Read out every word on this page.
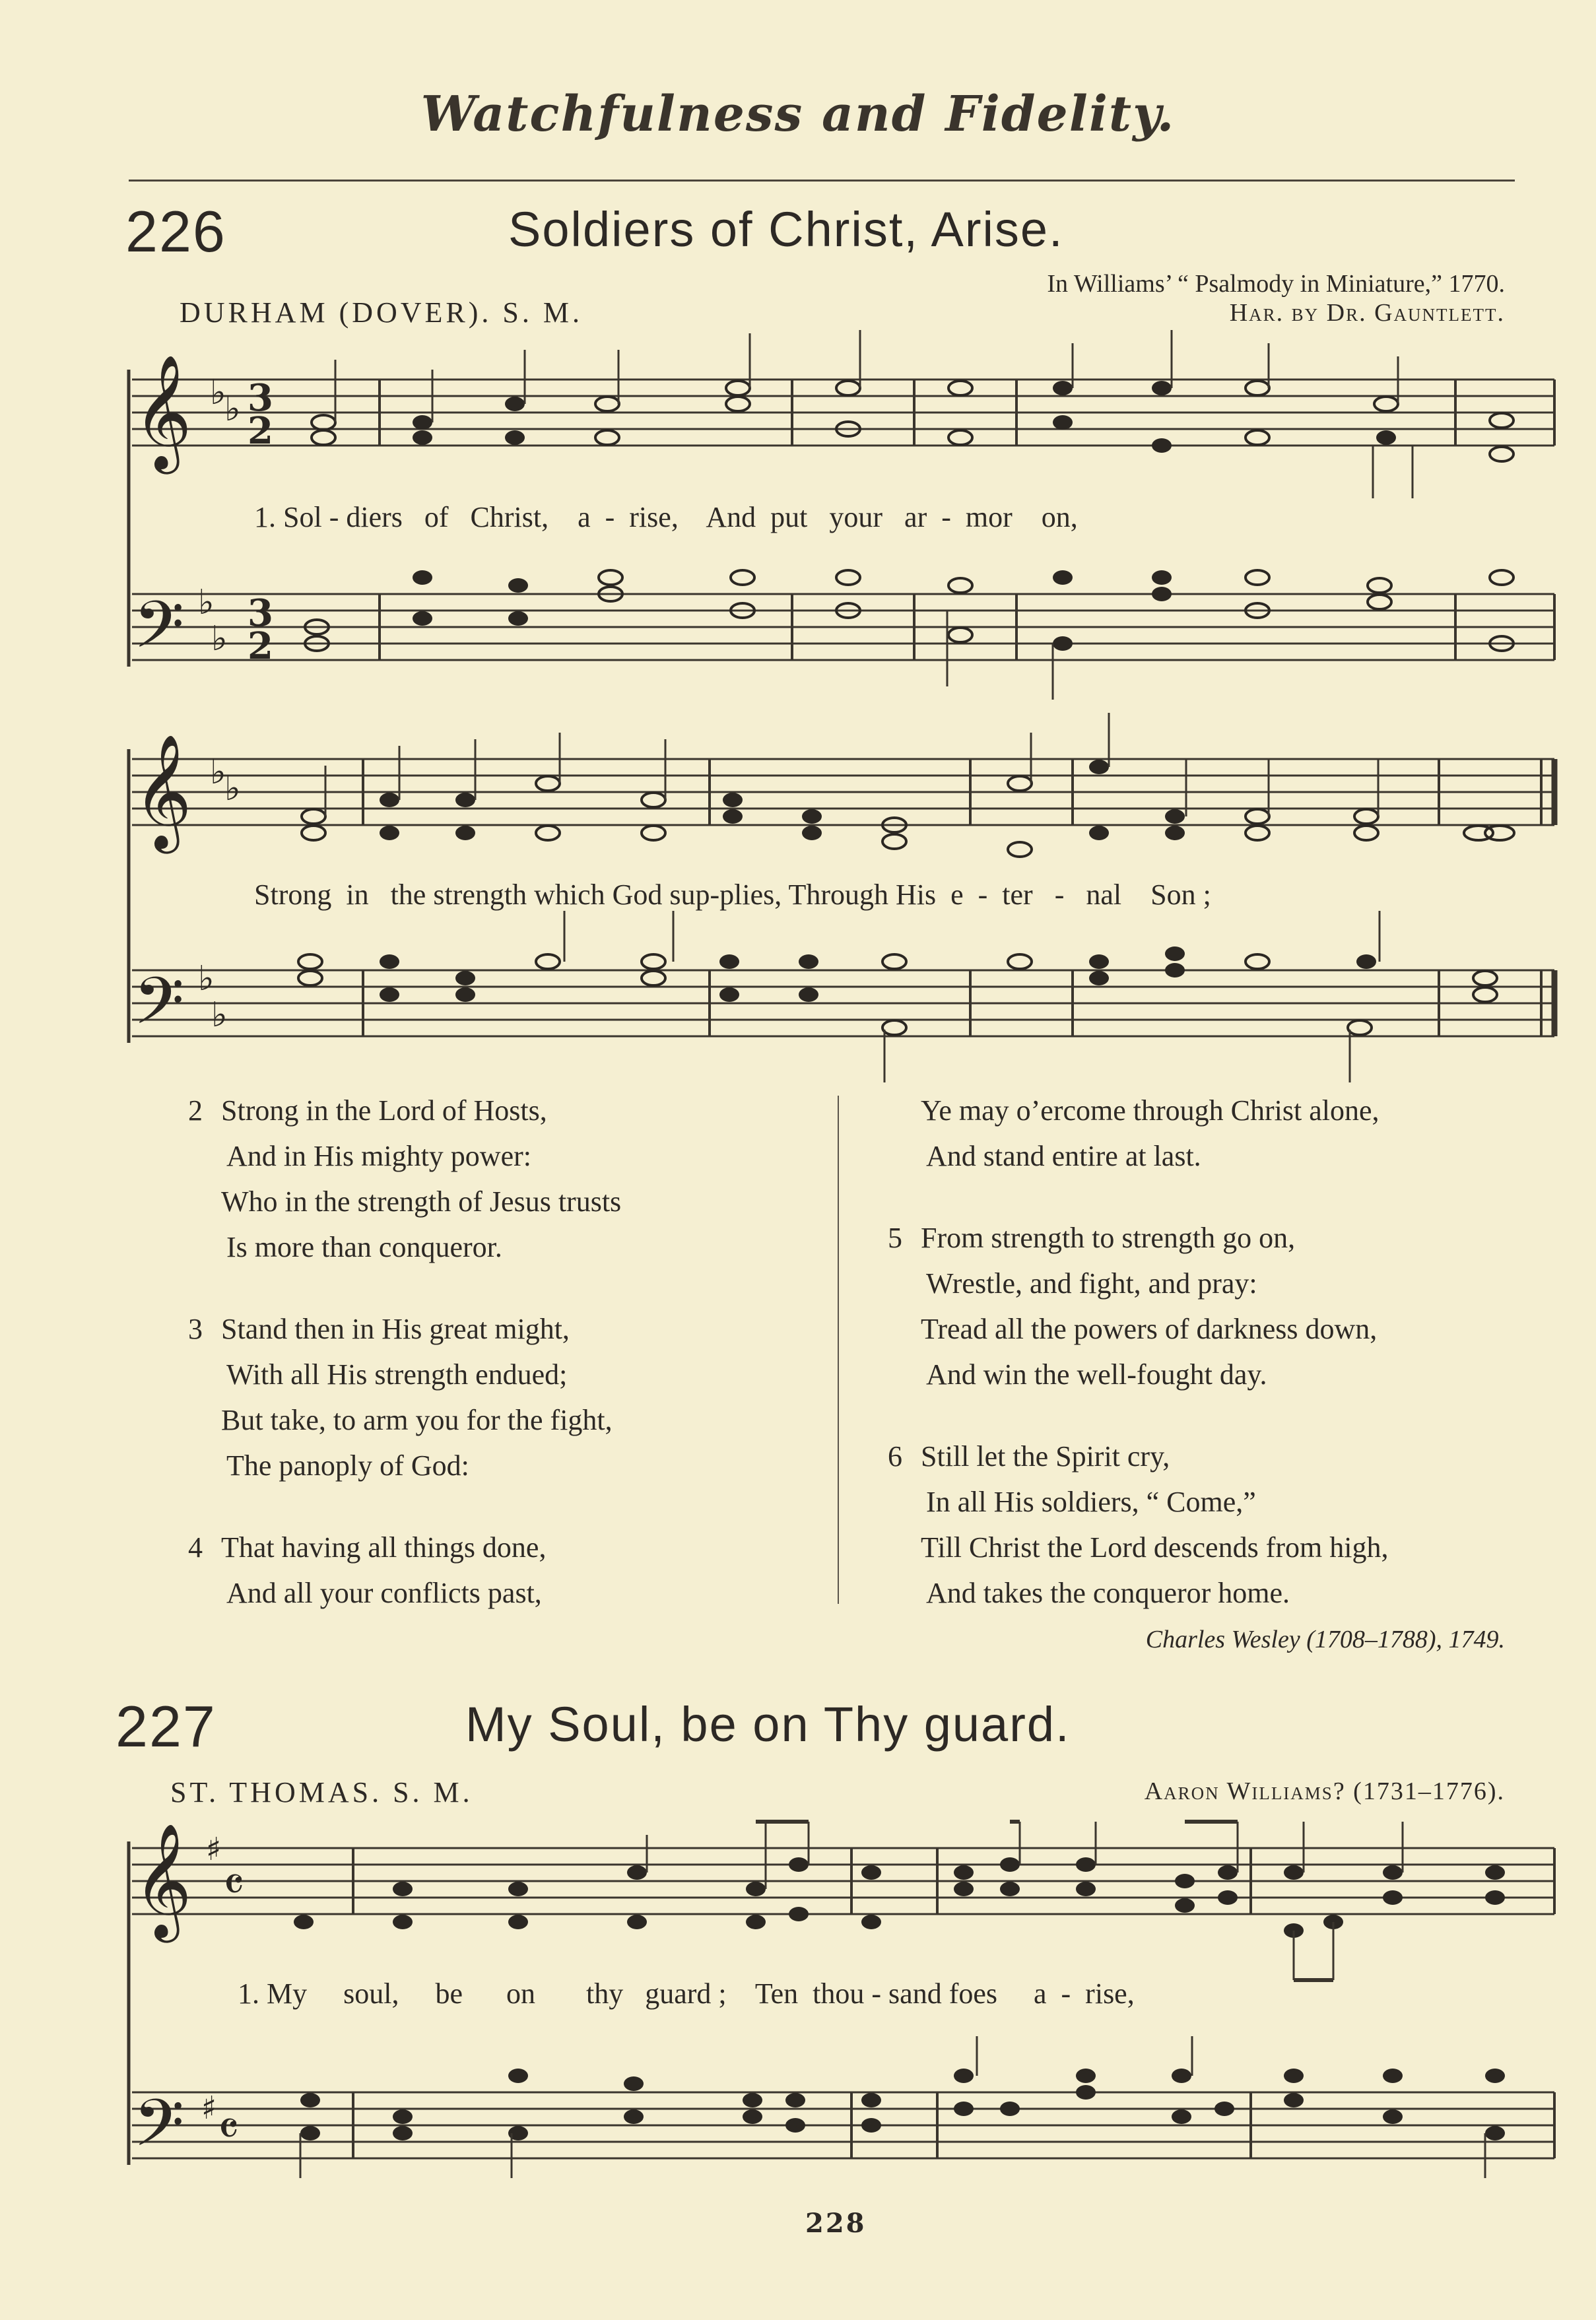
Watchfulness and Fidelity.
226	Soldiers of Christ, Arise.
In Williams’ “ Psalmody in Miniature,” 1770.
DURHAM (DOVER). S. M.	Har. by Dr. Gauntlett.
𝄞
𝄢
♭
♭
♭
♭
3
2
3
2
𝄞
𝄢
♭
♭
♭
♭
𝄞
𝄢
♯
♯
𝄴
𝄴
1. Sol - diers   of   Christ,    a  -  rise,    And  put   your   ar  -  mor    on,
Strong  in   the strength which God sup-plies, Through His  e  -  ter   -   nal    Son ;
2 Strong in the Lord of Hosts,
And in His mighty power:
Who in the strength of Jesus trusts
Is more than conqueror.
3 Stand then in His great might,
With all His strength endued;
But take, to arm you for the fight,
The panoply of God:
4 That having all things done,
And all your conflicts past,
Ye may o’ercome through Christ alone,
And stand entire at last.
5 From strength to strength go on,
Wrestle, and fight, and pray:
Tread all the powers of darkness down,
And win the well-fought day.
6 Still let the Spirit cry,
In all His soldiers, “ Come,”
Till Christ the Lord descends from high,
And takes the conqueror home.
Charles Wesley (1708–1788), 1749.
227	My Soul, be on Thy guard.
ST. THOMAS. S. M.	Aaron Williams? (1731–1776).
1. My     soul,     be      on       thy   guard ;    Ten  thou - sand foes     a  -  rise,
228
